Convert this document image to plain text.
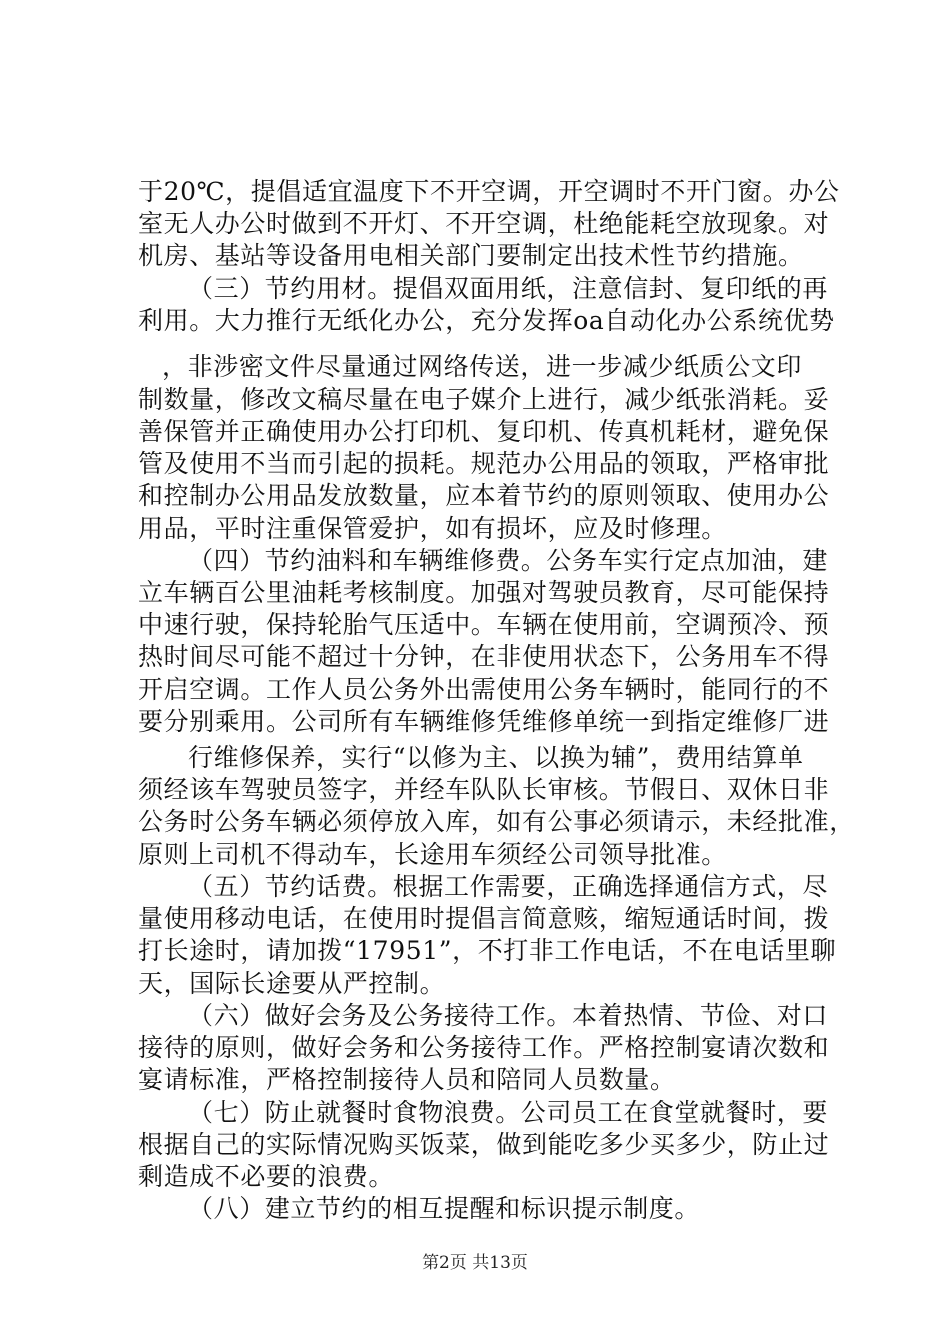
于20℃，提倡适宜温度下不开空调，开空调时不开门窗。办公
室无人办公时做到不开灯、不开空调，杜绝能耗空放现象。对
机房、基站等设备用电相关部门要制定出技术性节约措施。
（三）节约用材。提倡双面用纸，注意信封、复印纸的再
利用。大力推行无纸化办公，充分发挥oa自动化办公系统优势
，非涉密文件尽量通过网络传送，进一步减少纸质公文印
制数量，修改文稿尽量在电子媒介上进行，减少纸张消耗。妥
善保管并正确使用办公打印机、复印机、传真机耗材，避免保
管及使用不当而引起的损耗。规范办公用品的领取，严格审批
和控制办公用品发放数量，应本着节约的原则领取、使用办公
用品，平时注重保管爱护，如有损坏，应及时修理。
（四）节约油料和车辆维修费。公务车实行定点加油，建
立车辆百公里油耗考核制度。加强对驾驶员教育，尽可能保持
中速行驶，保持轮胎气压适中。车辆在使用前，空调预冷、预
热时间尽可能不超过十分钟，在非使用状态下，公务用车不得
开启空调。工作人员公务外出需使用公务车辆时，能同行的不
要分别乘用。公司所有车辆维修凭维修单统一到指定维修厂进
行维修保养，实行“以修为主、以换为辅”，费用结算单
须经该车驾驶员签字，并经车队队长审核。节假日、双休日非
公务时公务车辆必须停放入库，如有公事必须请示，未经批准，
原则上司机不得动车，长途用车须经公司领导批准。
（五）节约话费。根据工作需要，正确选择通信方式，尽
量使用移动电话，在使用时提倡言简意赅，缩短通话时间，拨
打长途时，请加拨“17951”，不打非工作电话，不在电话里聊
天，国际长途要从严控制。
（六）做好会务及公务接待工作。本着热情、节俭、对口
接待的原则，做好会务和公务接待工作。严格控制宴请次数和
宴请标准，严格控制接待人员和陪同人员数量。
（七）防止就餐时食物浪费。公司员工在食堂就餐时，要
根据自己的实际情况购买饭菜，做到能吃多少买多少，防止过
剩造成不必要的浪费。
（八）建立节约的相互提醒和标识提示制度。
第2页 共13页
